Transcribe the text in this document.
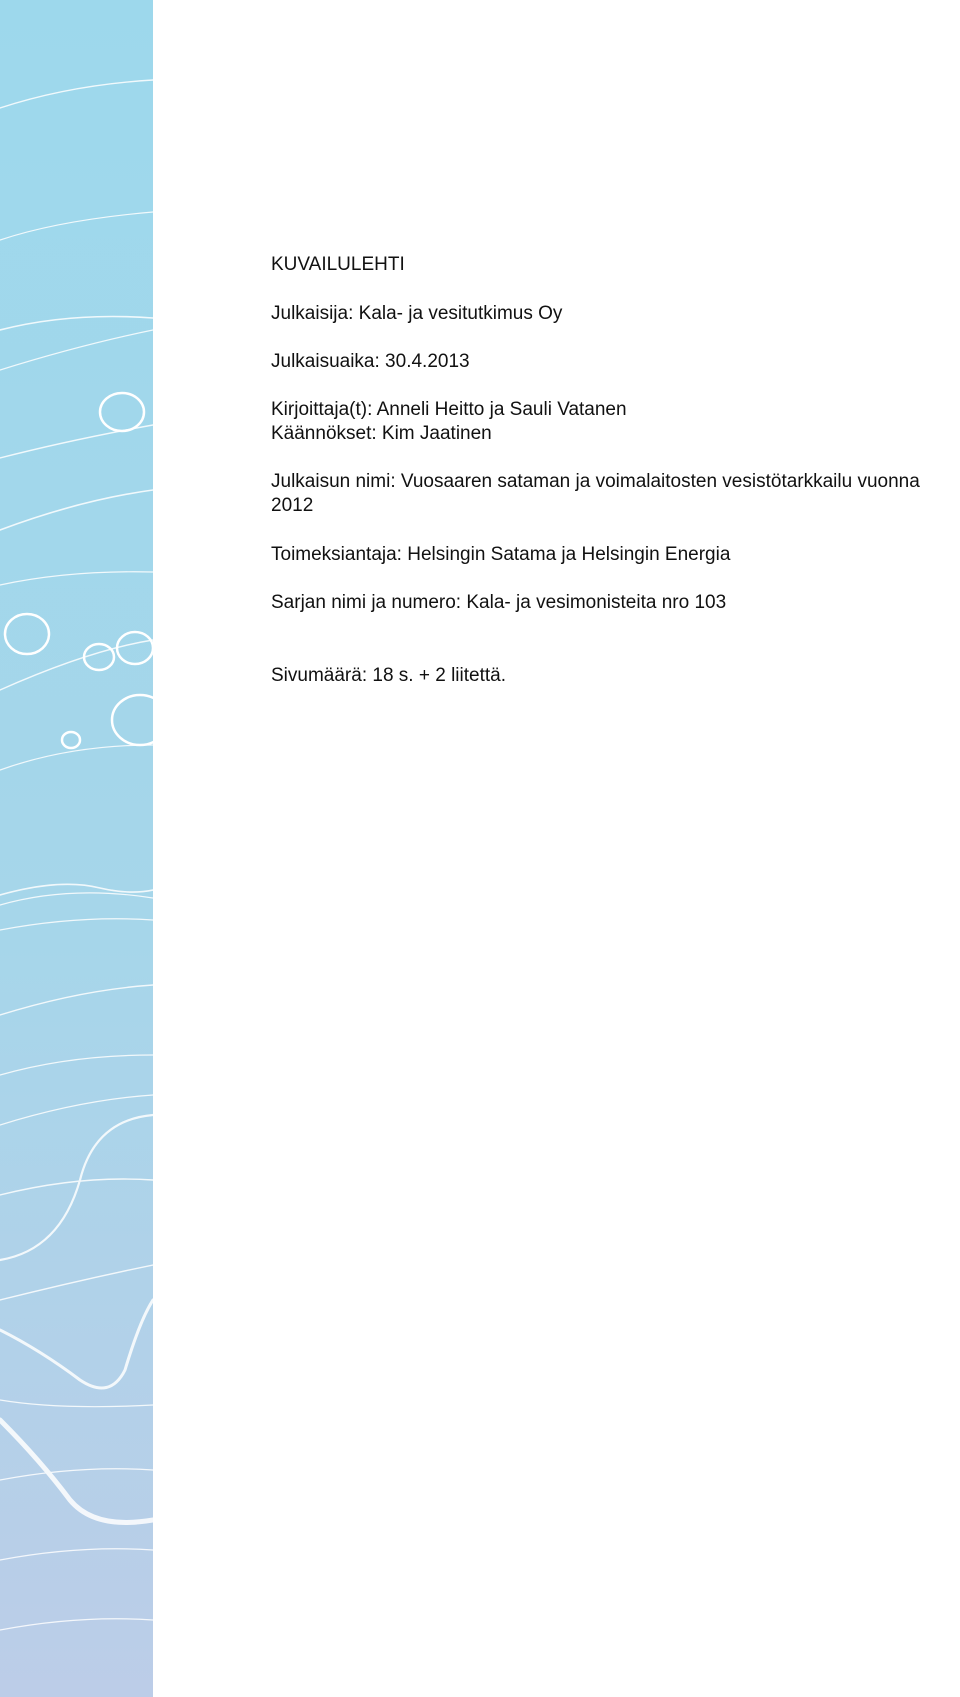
KUVAILULEHTI

Julkaisija: Kala- ja vesitutkimus Oy

Julkaisuaika: 30.4.2013

Kirjoittaja(t): Anneli Heitto ja Sauli Vatanen

Käännökset: Kim Jaatinen

Julkaisun nimi: Vuosaaren sataman ja voimalaitosten vesistötarkkailu vuonna 2012

Toimeksiantaja: Helsingin Satama ja Helsingin Energia

Sarjan nimi ja numero: Kala- ja vesimonisteita nro 103

Sivumäärä: 18 s. + 2 liitettä.
